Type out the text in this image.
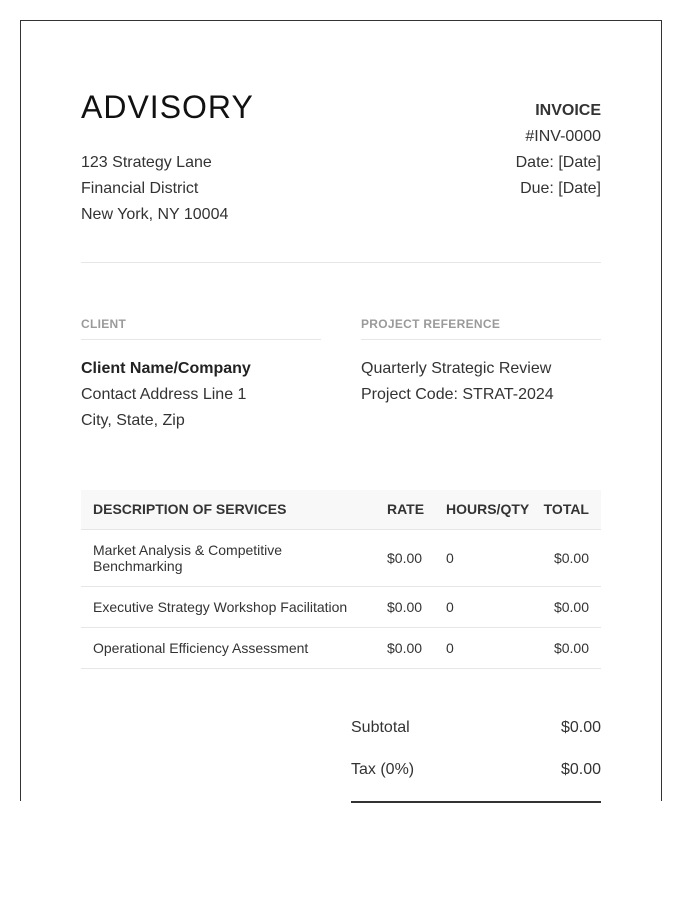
ADVISORY
123 Strategy Lane
Financial District
New York, NY 10004
INVOICE
#INV-0000
Date: [Date]
Due: [Date]
CLIENT	PROJECT REFERENCE
Client Name/Company
Contact Address Line 1
City, State, Zip
Quarterly Strategic Review
Project Code: STRAT-2024
DESCRIPTION OF SERVICES	RATE HOURS/QTY TOTAL
Market Analysis & Competitive Benchmarking	$0.00 0	$0.00
Executive Strategy Workshop Facilitation	$0.00 0	$0.00
Operational Efficiency Assessment	$0.00 0	$0.00
Subtotal	$0.00
Tax (0%)	$0.00
